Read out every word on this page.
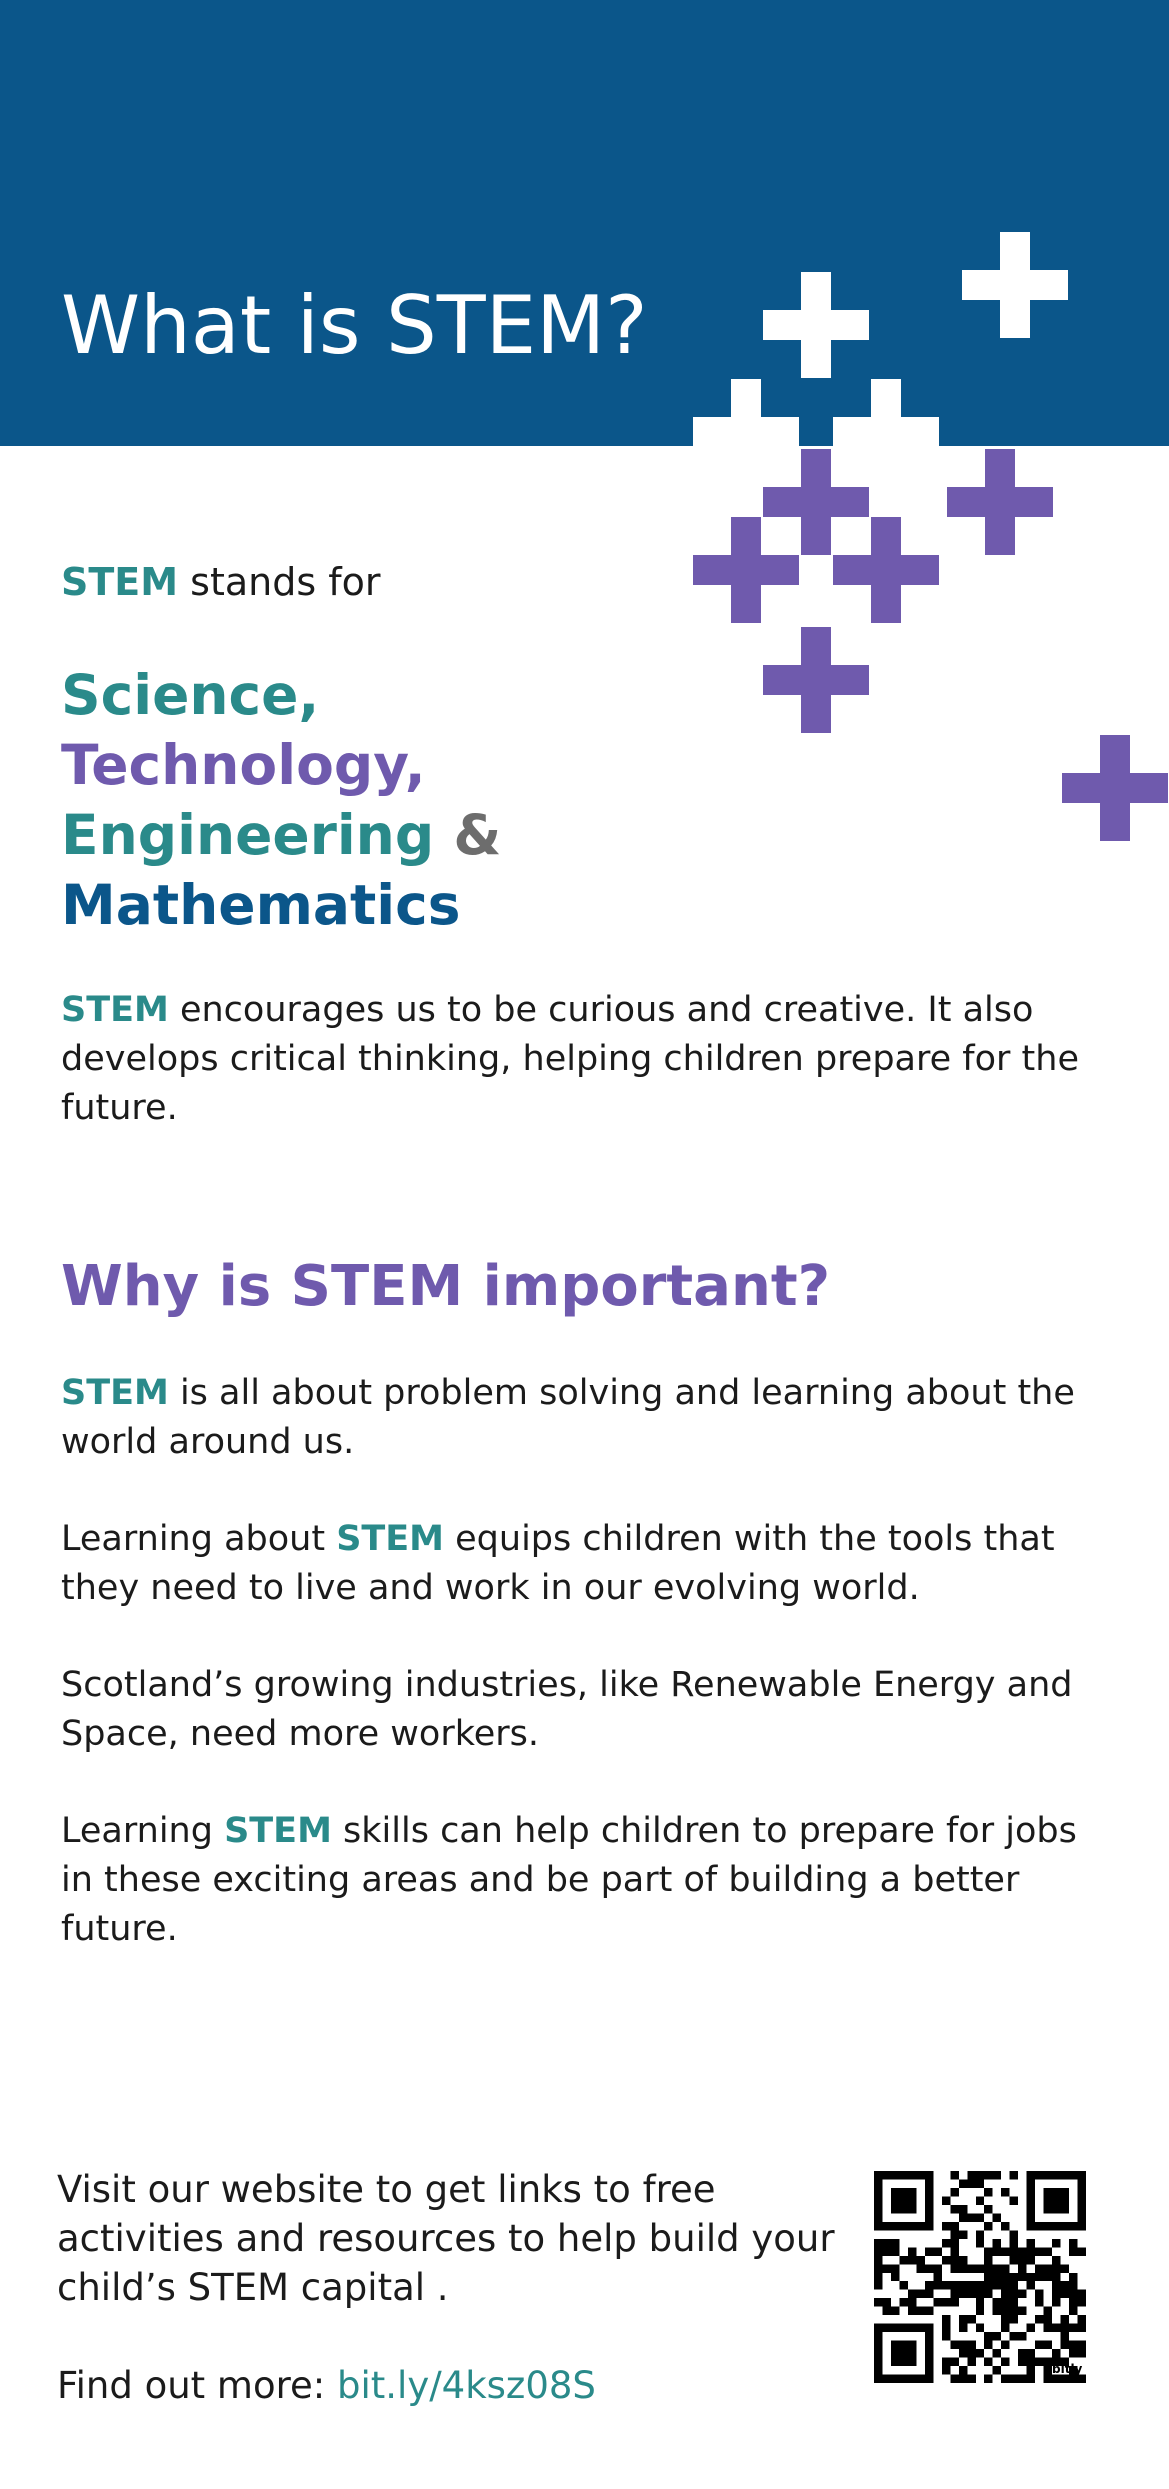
What is STEM?

STEM stands for

Science,
Technology,
Engineering &
Mathematics

STEM encourages us to be curious and creative. It also develops critical thinking, helping children prepare for the future.

Why is STEM important?

STEM is all about problem solving and learning about the world around us.

Learning about STEM equips children with the tools that they need to live and work in our evolving world.

Scotland’s growing industries, like Renewable Energy and Space, need more workers.

Learning STEM skills can help children to prepare for jobs in these exciting areas and be part of building a better future.

Visit our website to get links to free activities and resources to help build your child’s STEM capital .

Find out more: bit.ly/4ksz08S	bitly
